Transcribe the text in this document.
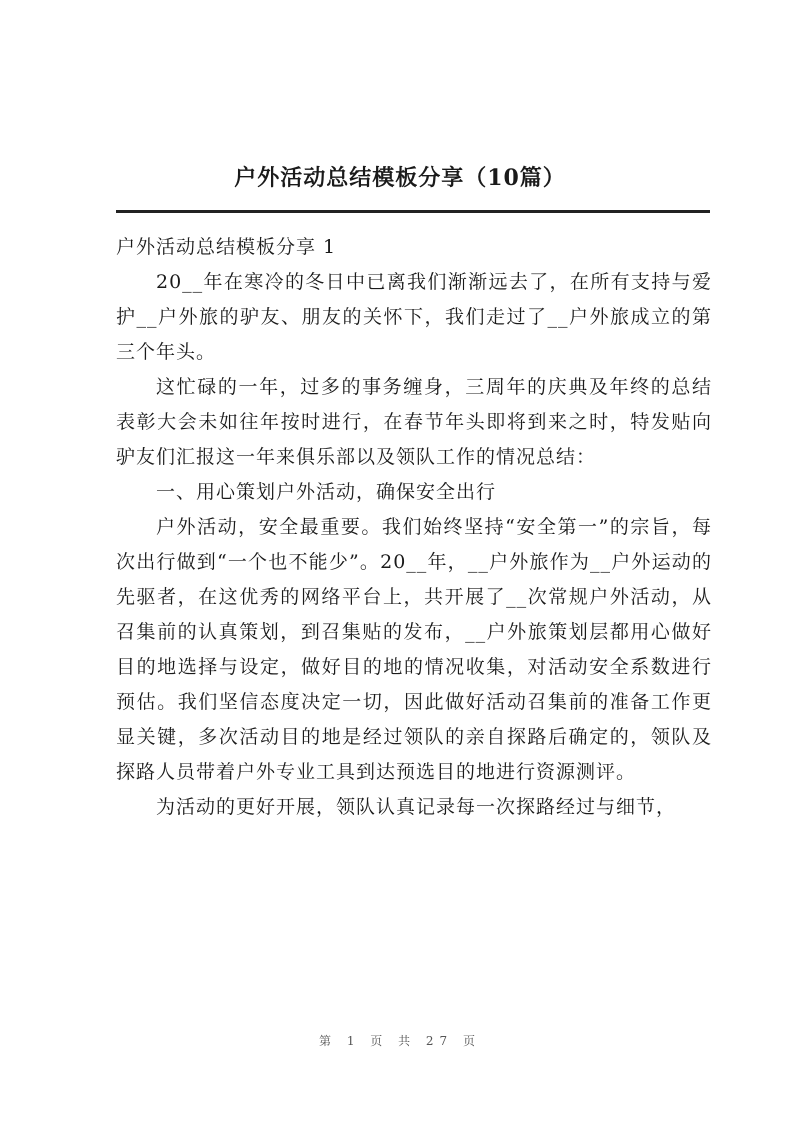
户外活动总结模板分享（10篇）

户外活动总结模板分享 1

20__年在寒冷的冬日中已离我们渐渐远去了，在所有支持与爱护__户外旅的驴友、朋友的关怀下，我们走过了__户外旅成立的第三个年头。

这忙碌的一年，过多的事务缠身，三周年的庆典及年终的总结表彰大会未如往年按时进行，在春节年头即将到来之时，特发贴向驴友们汇报这一年来俱乐部以及领队工作的情况总结：

一、用心策划户外活动，确保安全出行

户外活动，安全最重要。我们始终坚持“安全第一”的宗旨，每次出行做到“一个也不能少”。20__年，__户外旅作为__户外运动的先驱者，在这优秀的网络平台上，共开展了__次常规户外活动，从召集前的认真策划，到召集贴的发布，__户外旅策划层都用心做好目的地选择与设定，做好目的地的情况收集，对活动安全系数进行预估。我们坚信态度决定一切，因此做好活动召集前的准备工作更显关键，多次活动目的地是经过领队的亲自探路后确定的，领队及探路人员带着户外专业工具到达预选目的地进行资源测评。

为活动的更好开展，领队认真记录每一次探路经过与细节，

第 1 页 共 27 页
